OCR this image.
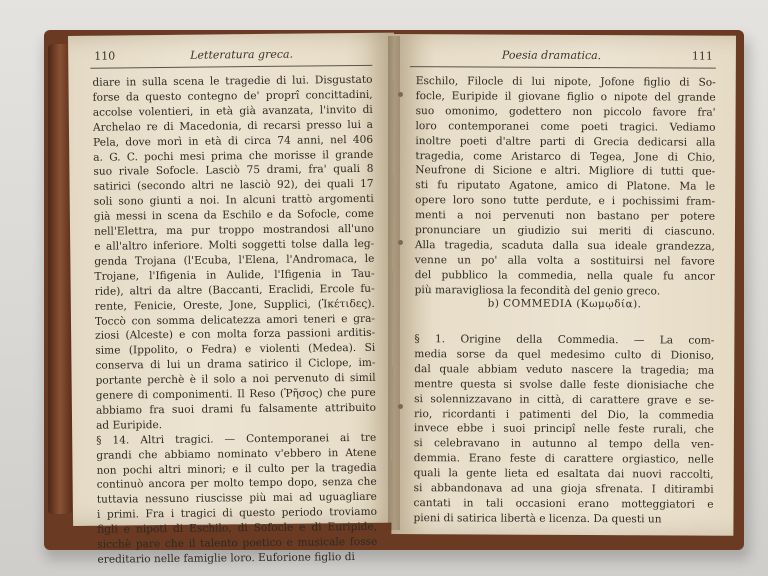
110	Letteratura greca.
diare in sulla scena le tragedie di lui. Disgustato
forse da questo contegno de' proprî concittadini,
accolse volentieri, in età già avanzata, l'invito di
Archelao re di Macedonia, di recarsi presso lui a
Pela, dove morì in età di circa 74 anni, nel 406
a. G. C. pochi mesi prima che morisse il grande
suo rivale Sofocle. Lasciò 75 drami, fra' quali 8
satirici (secondo altri ne lasciò 92), dei quali 17
soli sono giunti a noi. In alcuni trattò argomenti
già messi in scena da Eschilo e da Sofocle, come
nell'Elettra, ma pur troppo mostrandosi all'uno
e all'altro inferiore. Molti soggetti tolse dalla leg-
genda Trojana (l'Ecuba, l'Elena, l'Andromaca, le
Trojane, l'Ifigenia in Aulide, l'Ifigenia in Tau-
ride), altri da altre (Baccanti, Eraclidi, Ercole fu-
rente, Fenicie, Oreste, Jone, Supplici, (Ἱκέτιδες).
Toccò con somma delicatezza amori teneri e gra-
ziosi (Alceste) e con molta forza passioni arditis-
sime (Ippolito, o Fedra) e violenti (Medea). Si
conserva di lui un drama satirico il Ciclope, im-
portante perchè è il solo a noi pervenuto di simil
genere di componimenti. Il Reso (Ῥῆσος) che pure
abbiamo fra suoi drami fu falsamente attribuito
ad Euripide.
§ 14. Altri tragici. — Contemporanei ai tre
grandi che abbiamo nominato v'ebbero in Atene
non pochi altri minori; e il culto per la tragedia
continuò ancora per molto tempo dopo, senza che
tuttavia nessuno riuscisse più mai ad uguagliare
i primi. Fra i tragici di questo periodo troviamo
figli e nipoti di Eschilo, di Sofocle e di Euripide,
sicchè pare che il talento poetico e musicale fosse
ereditario nelle famiglie loro. Euforione figlio di
Poesia dramatica.	111
Eschilo, Filocle di lui nipote, Jofone figlio di So-
focle, Euripide il giovane figlio o nipote del grande
suo omonimo, godettero non piccolo favore fra'
loro contemporanei come poeti tragici. Vediamo
inoltre poeti d'altre parti di Grecia dedicarsi alla
tragedia, come Aristarco di Tegea, Jone di Chio,
Neufrone di Sicione e altri. Migliore di tutti que-
sti fu riputato Agatone, amico di Platone. Ma le
opere loro sono tutte perdute, e i pochissimi fram-
menti a noi pervenuti non bastano per potere
pronunciare un giudizio sui meriti di ciascuno.
Alla tragedia, scaduta dalla sua ideale grandezza,
venne un po' alla volta a sostituirsi nel favore
del pubblico la commedia, nella quale fu ancor
più maravigliosa la fecondità del genio greco.
b) COMMEDIA (Κωμῳδία).
§ 1. Origine della Commedia. — La com-
media sorse da quel medesimo culto di Dioniso,
dal quale abbiam veduto nascere la tragedia; ma
mentre questa si svolse dalle feste dionisiache che
si solennizzavano in città, di carattere grave e se-
rio, ricordanti i patimenti del Dio, la commedia
invece ebbe i suoi principî nelle feste rurali, che
si celebravano in autunno al tempo della ven-
demmia. Erano feste di carattere orgiastico, nelle
quali la gente lieta ed esaltata dai nuovi raccolti,
si abbandonava ad una gioja sfrenata. I ditirambi
cantati in tali occasioni erano motteggiatori e
pieni di satirica libertà e licenza. Da questi un
